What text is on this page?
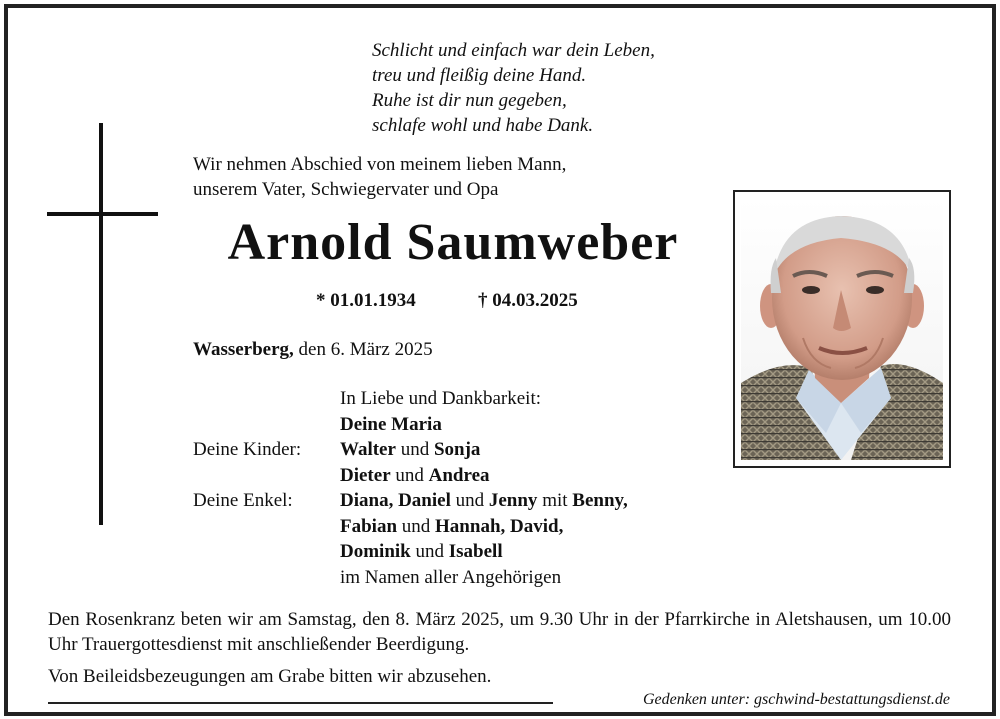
Schlicht und einfach war dein Leben,
treu und fleißig deine Hand.
Ruhe ist dir nun gegeben,
schlafe wohl und habe Dank.
Wir nehmen Abschied von meinem lieben Mann,
unserem Vater, Schwiegervater und Opa
Arnold Saumweber
* 01.01.1934	† 04.03.2025
Wasserberg, den 6. März 2025
In Liebe und Dankbarkeit:
Deine Maria
Deine Kinder: Walter und Sonja
Dieter und Andrea
Deine Enkel: Diana, Daniel und Jenny mit Benny,
Fabian und Hannah, David,
Dominik und Isabell
im Namen aller Angehörigen
Den Rosenkranz beten wir am Samstag, den 8. März 2025, um 9.30 Uhr in der Pfarrkirche in Aletshausen, um 10.00 Uhr Trauergottesdienst mit anschließender Beerdigung.
Von Beileidsbezeugungen am Grabe bitten wir abzusehen.
Gedenken unter: gschwind-bestattungsdienst.de
